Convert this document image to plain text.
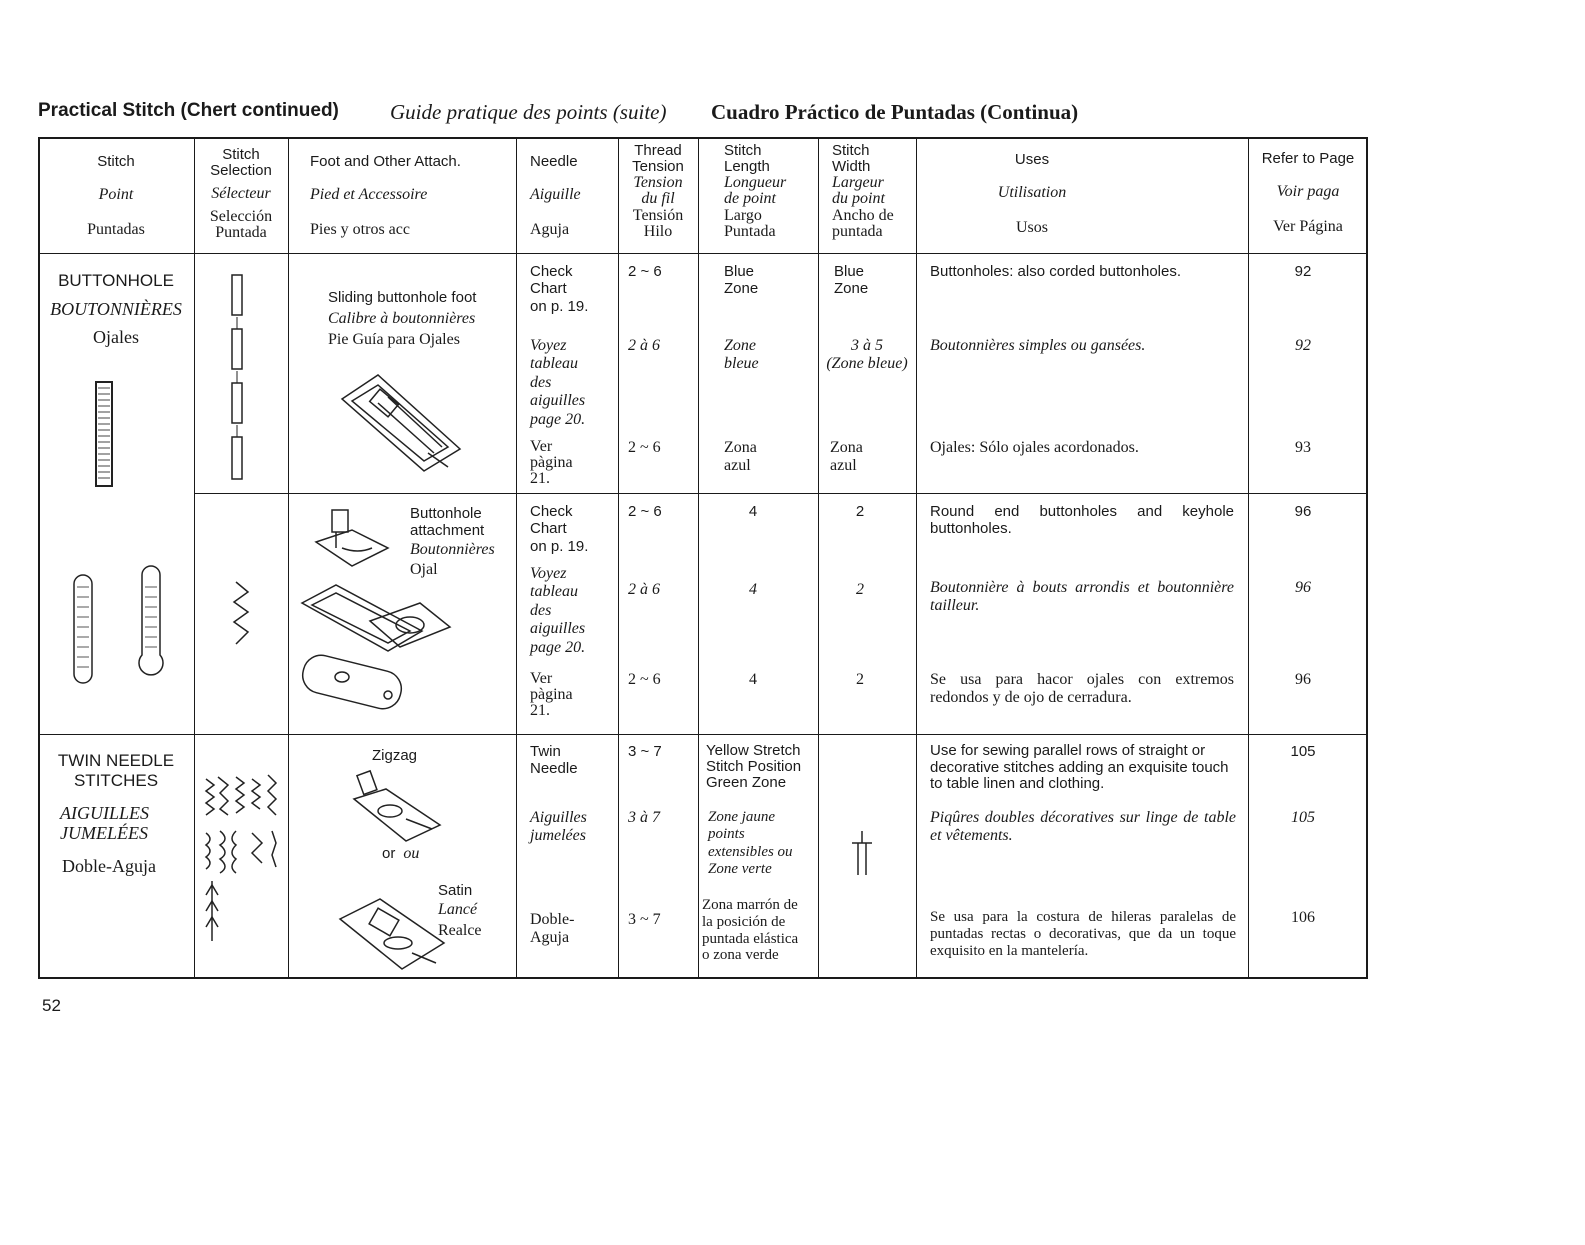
Practical Stitch (Chert continued) Guide pratique des points (suite) Cuadro Práctico de Puntadas (Continua)
Stitch
Point
Puntadas
Stitch
Selection
Sélecteur
Selección
Puntada
Foot and Other Attach.
Pied et Accessoire
Pies y otros acc
Needle
Aiguille
Aguja
Thread
Tension
Tension
du fil
Tensión
Hilo
Stitch
Length
Longueur
de point
Largo
Puntada
Stitch
Width
Largeur
du point
Ancho de
puntada
Uses
Utilisation
Usos
Refer to Page
Voir paga
Ver Página
BUTTONHOLE
BOUTONNIÈRES
Ojales
Sliding buttonhole foot
Calibre à boutonnières
Pie Guía para Ojales
Check
Chart
on p. 19.
Voyez
tableau
des
aiguilles
page 20.
Ver
pàgina
21.
2 ~ 6
2 à 6
2 ~ 6
Blue
Zone
Zone
bleue
Zona
azul
Blue
Zone
3 à 5
(Zone bleue)
Zona
azul
Buttonholes: also corded buttonholes.
Boutonnières simples ou gansées.
Ojales: Sólo ojales acordonados.
92
92
93
Buttonhole
attachment
Boutonnières
Ojal
Check
Chart
on p. 19.
Voyez
tableau
des
aiguilles
page 20.
Ver
pàgina
21.
2 ~ 6
2 à 6
2 ~ 6
4
4
4
2
2
2
Round end buttonholes and keyhole buttonholes.
Boutonnière à bouts arrondis et boutonnière tailleur.
Se usa para hacor ojales con extremos redondos y de ojo de cerradura.
96
96
96
TWIN NEEDLE
STITCHES
AIGUILLES
JUMELÉES
Doble-Aguja
Zigzag
or ou
Satin
Lancé
Realce
Twin
Needle
Aiguilles
jumelées
Doble-
Aguja
3 ~ 7
3 à 7
3 ~ 7
Yellow Stretch
Stitch Position
Green Zone
Zone jaune
points
extensibles ou
Zone verte
Zona marrón de
la posición de
puntada elástica
o zona verde
Use for sewing parallel rows of straight or decorative stitches adding an exquisite touch to table linen and clothing.
Piqûres doubles décoratives sur linge de table et vêtements.
Se usa para la costura de hileras paralelas de puntadas rectas o decorativas, que da un toque exquisito en la mantelería.
105
105
106
52
